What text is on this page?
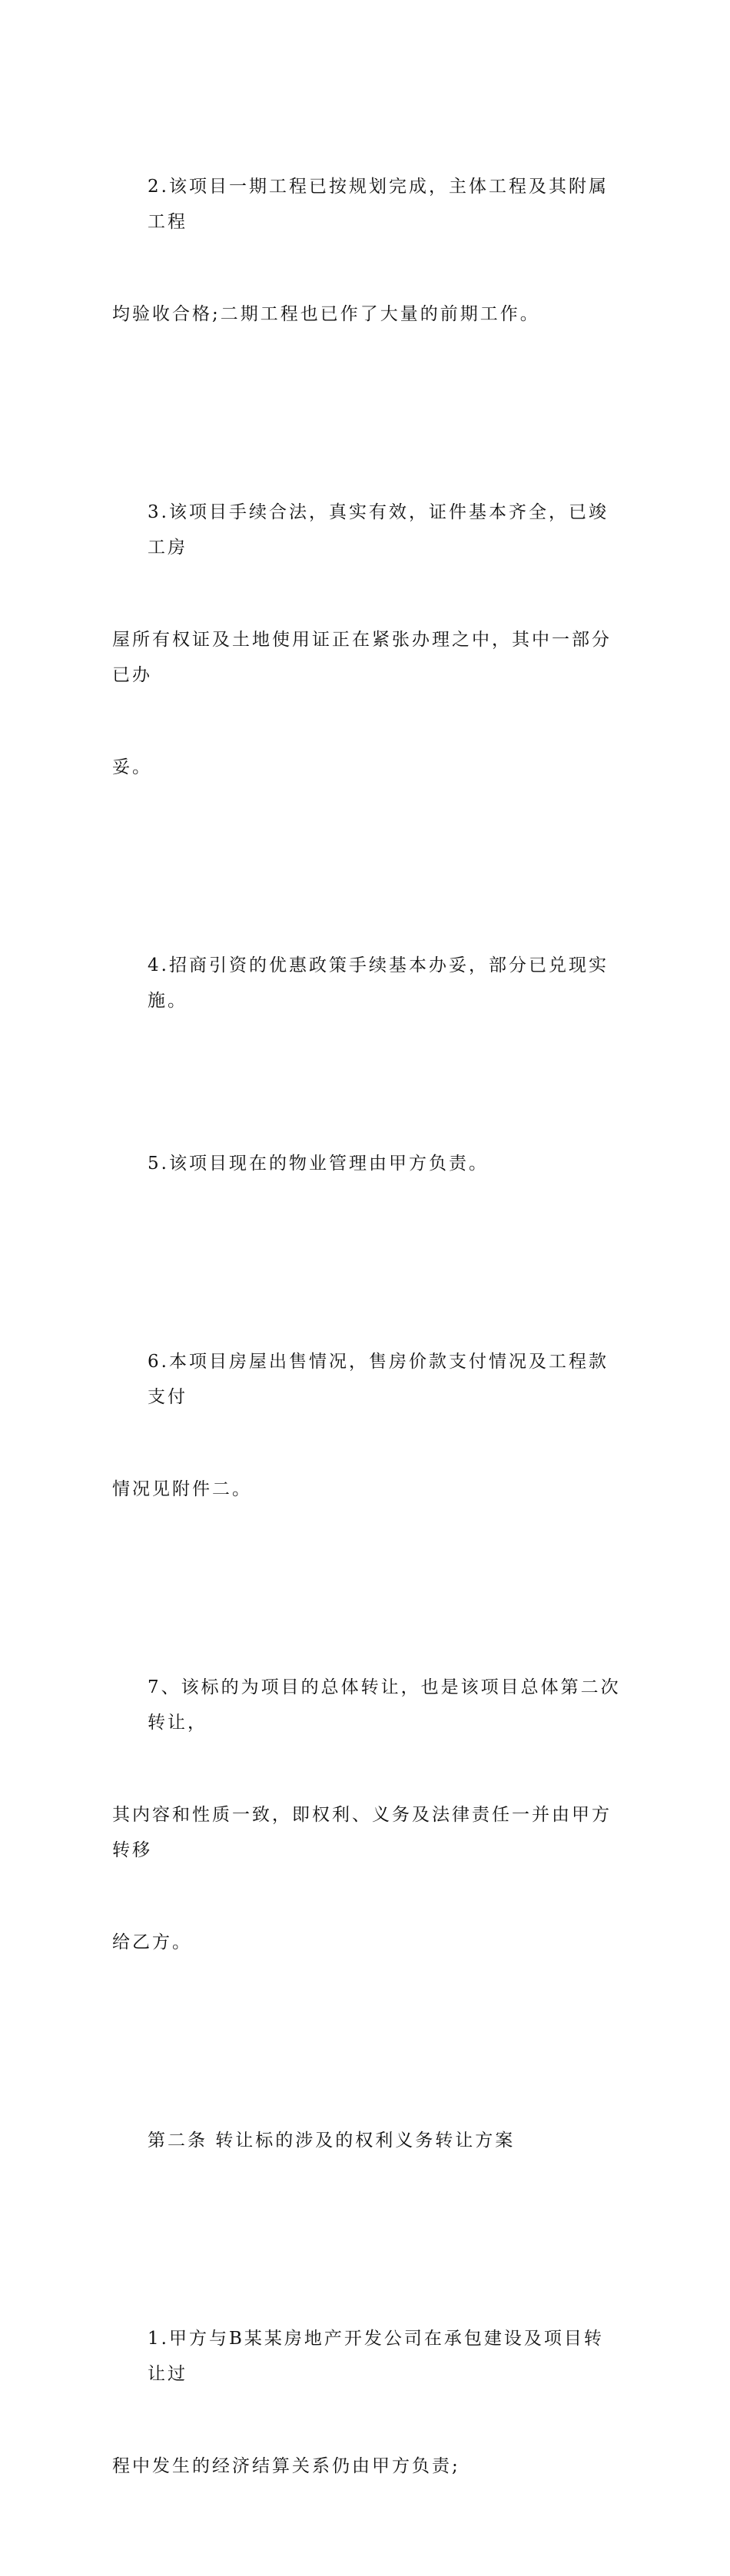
2.该项目一期工程已按规划完成，主体工程及其附属工程

均验收合格;二期工程也已作了大量的前期工作。

3.该项目手续合法，真实有效，证件基本齐全，已竣工房

屋所有权证及土地使用证正在紧张办理之中，其中一部分已办

妥。

4.招商引资的优惠政策手续基本办妥，部分已兑现实施。

5.该项目现在的物业管理由甲方负责。

6.本项目房屋出售情况，售房价款支付情况及工程款支付

情况见附件二。

7、该标的为项目的总体转让，也是该项目总体第二次转让，

其内容和性质一致，即权利、义务及法律责任一并由甲方转移

给乙方。

第二条 转让标的涉及的权利义务转让方案

1.甲方与B某某房地产开发公司在承包建设及项目转让过

程中发生的经济结算关系仍由甲方负责;
